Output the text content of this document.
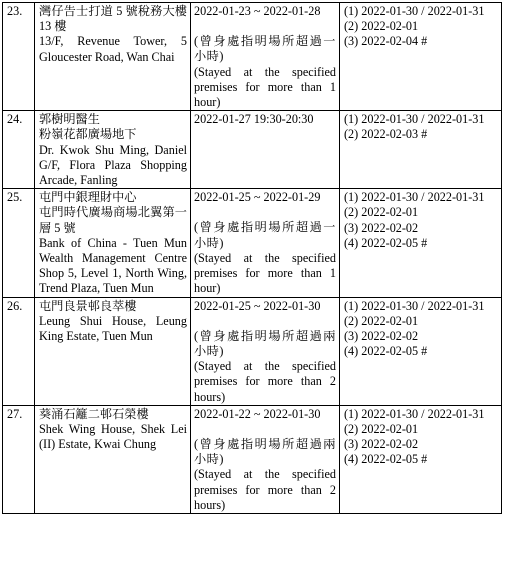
23.	灣仔告士打道 5 號稅務大樓 13 樓
13/F, Revenue Tower, 5 Gloucester Road, Wan Chai	2022-01-23 ~ 2022-01-28
(曾身處指明場所超過一小時)
(Stayed at the specified premises for more than 1 hour)	(1) 2022-01-30 / 2022-01-31
(2) 2022-02-01
(3) 2022-02-04 #

24.	郭樹明醫生
粉嶺花都廣場地下
Dr. Kwok Shu Ming, Daniel G/F, Flora Plaza Shopping Arcade, Fanling	2022-01-27 19:30-20:30	(1) 2022-01-30 / 2022-01-31
(2) 2022-02-03 #

25.	屯門中銀理財中心
屯門時代廣場商場北翼第一層 5 號
Bank of China - Tuen Mun Wealth Management Centre Shop 5, Level 1, North Wing, Trend Plaza, Tuen Mun	2022-01-25 ~ 2022-01-29
(曾身處指明場所超過一小時)
(Stayed at the specified premises for more than 1 hour)	(1) 2022-01-30 / 2022-01-31
(2) 2022-02-01
(3) 2022-02-02
(4) 2022-02-05 #

26.	屯門良景邨良萃樓
Leung Shui House, Leung King Estate, Tuen Mun	2022-01-25 ~ 2022-01-30
(曾身處指明場所超過兩小時)
(Stayed at the specified premises for more than 2 hours)	(1) 2022-01-30 / 2022-01-31
(2) 2022-02-01
(3) 2022-02-02
(4) 2022-02-05 #

27.	葵涌石籬二邨石榮樓
Shek Wing House, Shek Lei (II) Estate, Kwai Chung	2022-01-22 ~ 2022-01-30
(曾身處指明場所超過兩小時)
(Stayed at the specified premises for more than 2 hours)	(1) 2022-01-30 / 2022-01-31
(2) 2022-02-01
(3) 2022-02-02
(4) 2022-02-05 #
